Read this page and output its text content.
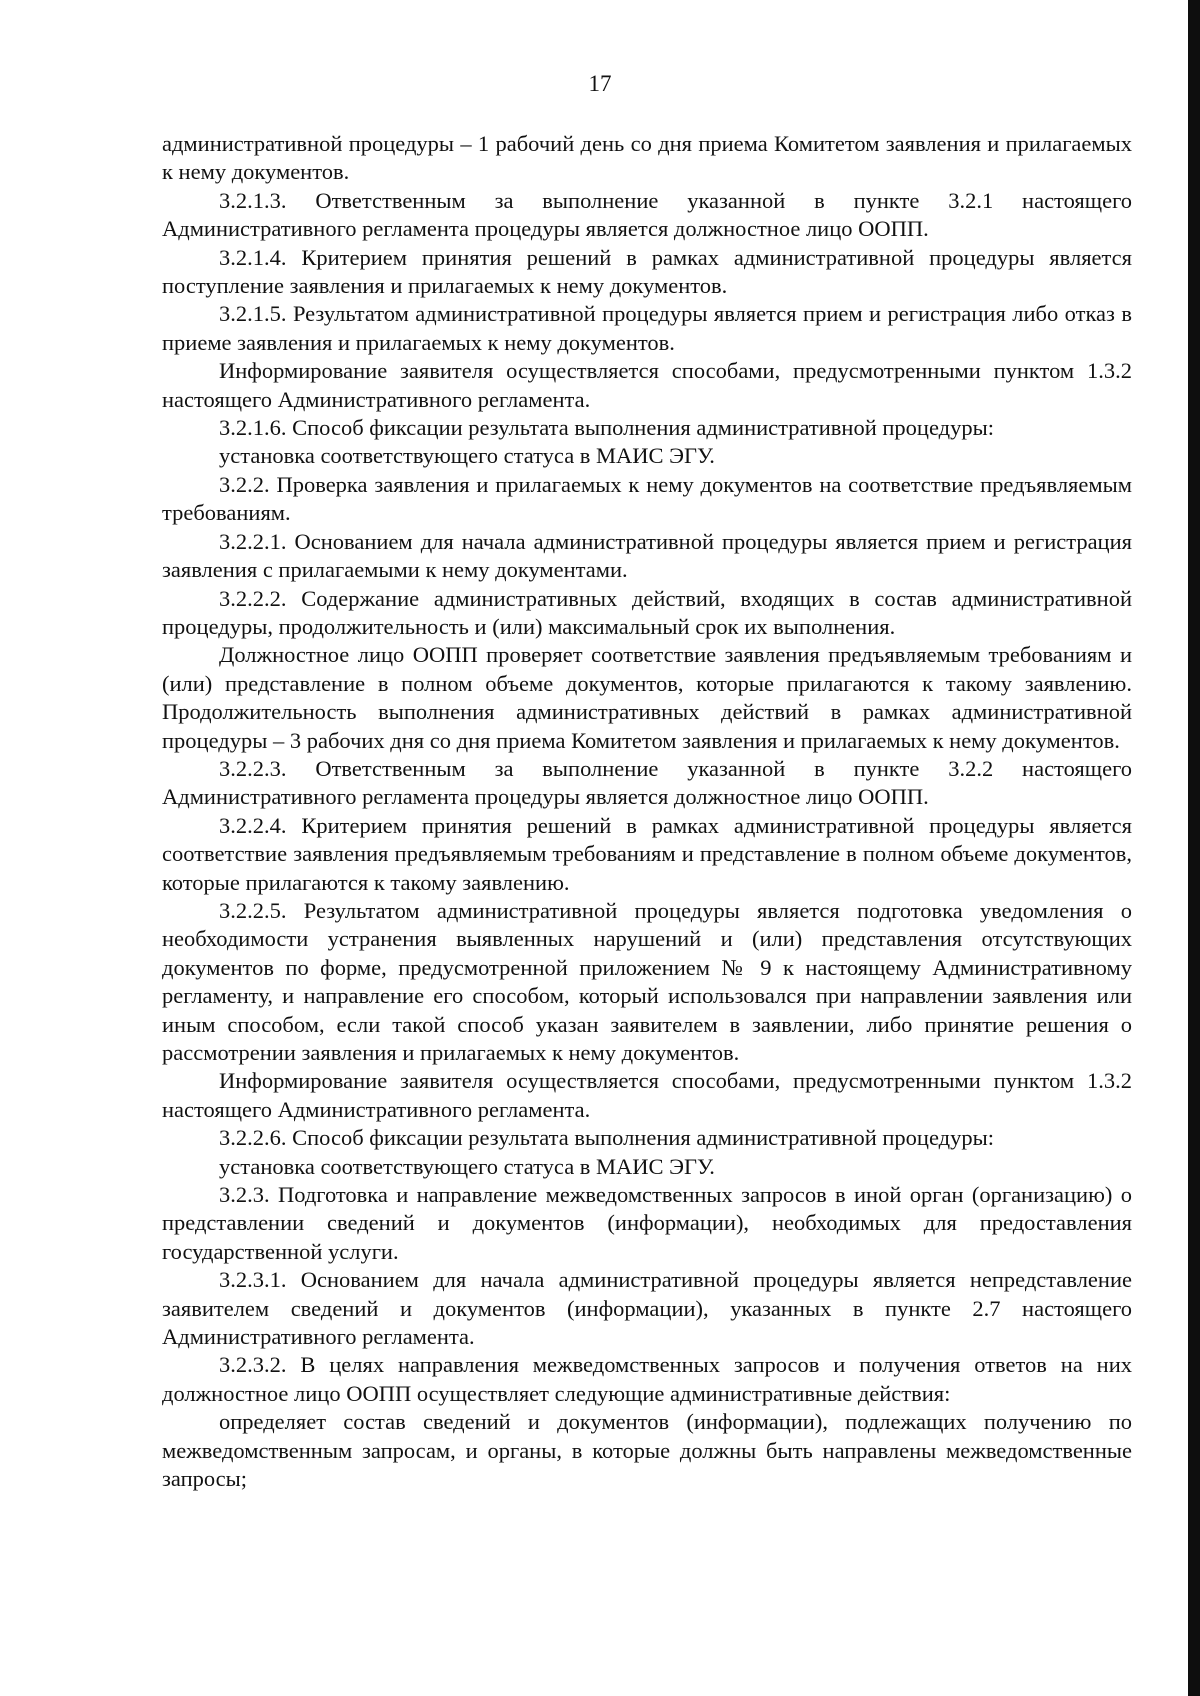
17

административной процедуры – 1 рабочий день со дня приема Комитетом заявления и прилагаемых к нему документов.

3.2.1.3. Ответственным за выполнение указанной в пункте 3.2.1 настоящего Административного регламента процедуры является должностное лицо ООПП.

3.2.1.4. Критерием принятия решений в рамках административной процедуры является поступление заявления и прилагаемых к нему документов.

3.2.1.5. Результатом административной процедуры является прием и регистрация либо отказ в приеме заявления и прилагаемых к нему документов.

Информирование заявителя осуществляется способами, предусмотренными пунктом 1.3.2 настоящего Административного регламента.

3.2.1.6. Способ фиксации результата выполнения административной процедуры:

установка соответствующего статуса в МАИС ЭГУ.

3.2.2. Проверка заявления и прилагаемых к нему документов на соответствие предъявляемым требованиям.

3.2.2.1. Основанием для начала административной процедуры является прием и регистрация заявления с прилагаемыми к нему документами.

3.2.2.2. Содержание административных действий, входящих в состав административной процедуры, продолжительность и (или) максимальный срок их выполнения.

Должностное лицо ООПП проверяет соответствие заявления предъявляемым требованиям и (или) представление в полном объеме документов, которые прилагаются к такому заявлению. Продолжительность выполнения административных действий в рамках административной процедуры – 3 рабочих дня со дня приема Комитетом заявления и прилагаемых к нему документов.

3.2.2.3. Ответственным за выполнение указанной в пункте 3.2.2 настоящего Административного регламента процедуры является должностное лицо ООПП.

3.2.2.4. Критерием принятия решений в рамках административной процедуры является соответствие заявления предъявляемым требованиям и представление в полном объеме документов, которые прилагаются к такому заявлению.

3.2.2.5. Результатом административной процедуры является подготовка уведомления о необходимости устранения выявленных нарушений и (или) представления отсутствующих документов по форме, предусмотренной приложением № 9 к настоящему Административному регламенту, и направление его способом, который использовался при направлении заявления или иным способом, если такой способ указан заявителем в заявлении, либо принятие решения о рассмотрении заявления и прилагаемых к нему документов.

Информирование заявителя осуществляется способами, предусмотренными пунктом 1.3.2 настоящего Административного регламента.

3.2.2.6. Способ фиксации результата выполнения административной процедуры:

установка соответствующего статуса в МАИС ЭГУ.

3.2.3. Подготовка и направление межведомственных запросов в иной орган (организацию) о представлении сведений и документов (информации), необходимых для предоставления государственной услуги.

3.2.3.1. Основанием для начала административной процедуры является непредставление заявителем сведений и документов (информации), указанных в пункте 2.7 настоящего Административного регламента.

3.2.3.2. В целях направления межведомственных запросов и получения ответов на них должностное лицо ООПП осуществляет следующие административные действия:

определяет состав сведений и документов (информации), подлежащих получению по межведомственным запросам, и органы, в которые должны быть направлены межведомственные запросы;
